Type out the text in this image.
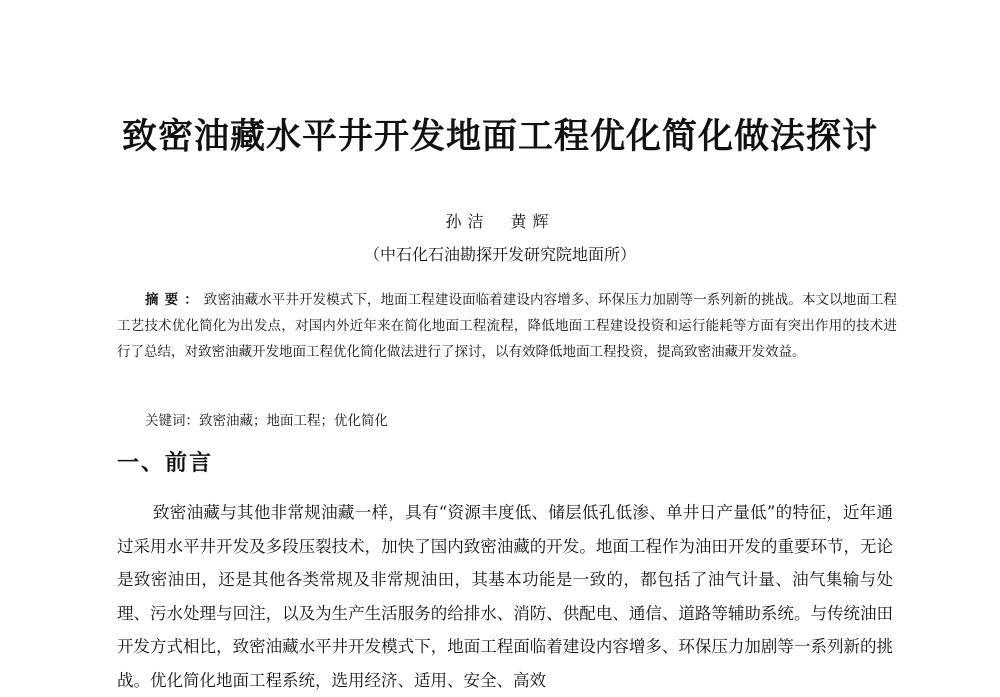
致密油藏水平井开发地面工程优化简化做法探讨
孙洁 黄辉
（中石化石油勘探开发研究院地面所）

摘要：致密油藏水平井开发模式下，地面工程建设面临着建设内容增多、环保压力加剧等一系列新的挑战。本文以地面工程工艺技术优化简化为出发点，对国内外近年来在简化地面工程流程，降低地面工程建设投资和运行能耗等方面有突出作用的技术进行了总结，对致密油藏开发地面工程优化简化做法进行了探讨，以有效降低地面工程投资，提高致密油藏开发效益。

关键词：致密油藏；地面工程；优化简化
一、前言

致密油藏与其他非常规油藏一样，具有“资源丰度低、储层低孔低渗、单井日产量低”的特征，近年通过采用水平井开发及多段压裂技术，加快了国内致密油藏的开发。地面工程作为油田开发的重要环节，无论是致密油田，还是其他各类常规及非常规油田，其基本功能是一致的，都包括了油气计量、油气集输与处理、污水处理与回注，以及为生产生活服务的给排水、消防、供配电、通信、道路等辅助系统。与传统油田开发方式相比，致密油藏水平井开发模式下，地面工程面临着建设内容增多、环保压力加剧等一系列新的挑战。优化简化地面工程系统，选用经济、适用、安全、高效
